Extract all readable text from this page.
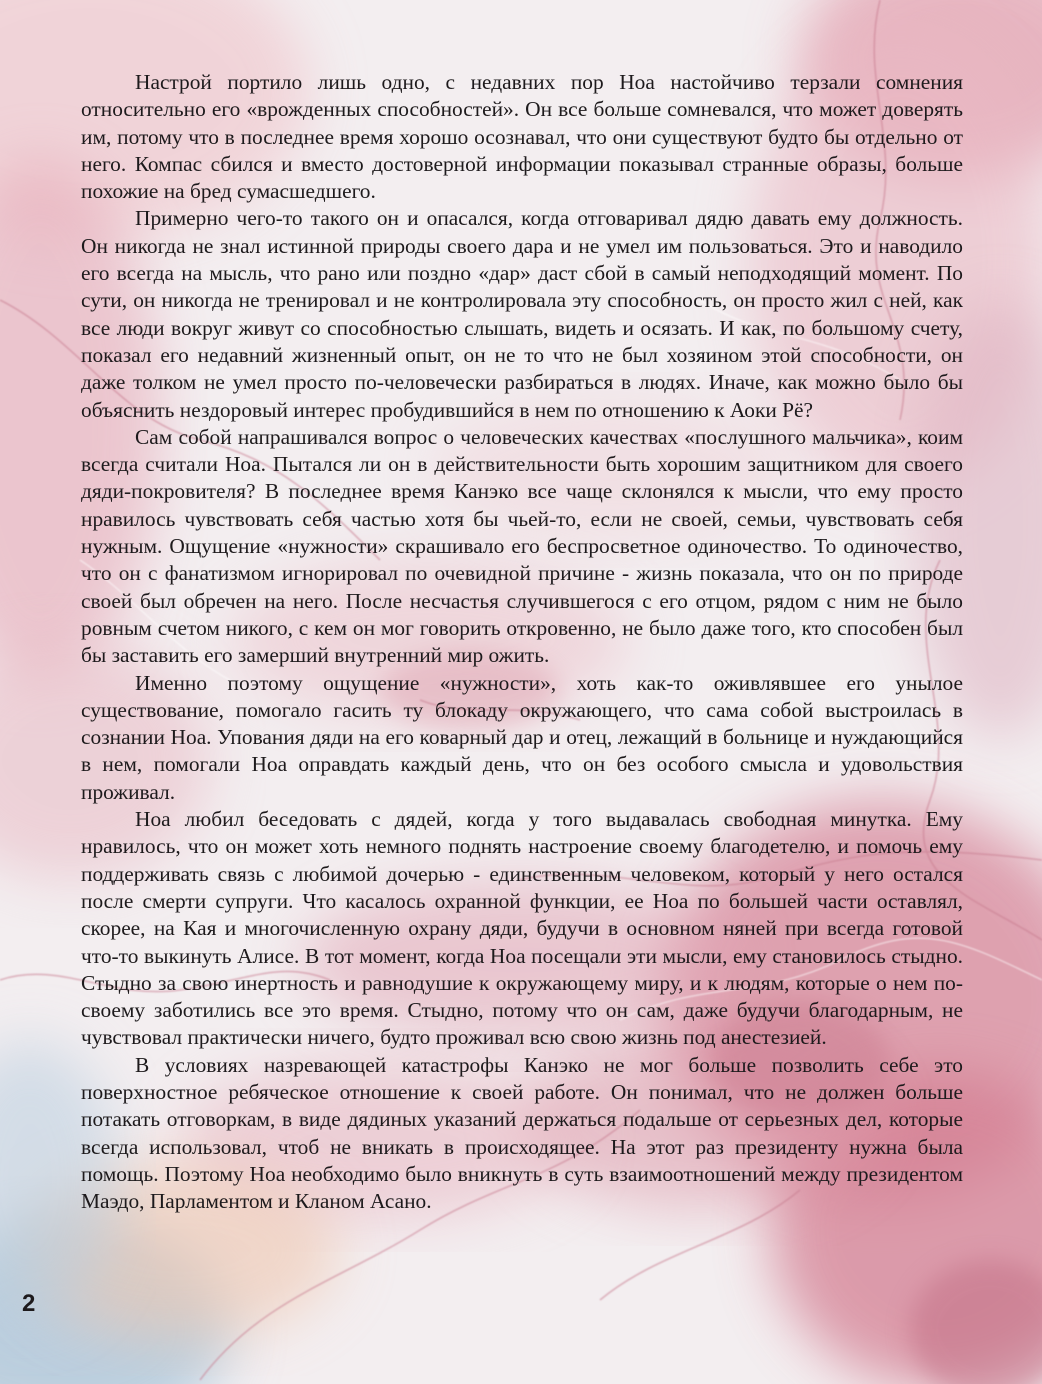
Настрой портило лишь одно, с недавних пор Ноа настойчиво терзали сомнения относительно его «врожденных способностей». Он все больше сомневался, что может доверять им, потому что в последнее время хорошо осознавал, что они существуют будто бы отдельно от него. Компас сбился и вместо достоверной информации показывал странные образы, больше похожие на бред сумасшедшего.

Примерно чего-то такого он и опасался, когда отговаривал дядю давать ему должность. Он никогда не знал истинной природы своего дара и не умел им пользоваться. Это и наводило его всегда на мысль, что рано или поздно «дар» даст сбой в самый неподходящий момент. По сути, он никогда не тренировал и не контролировала эту способность, он просто жил с ней, как все люди вокруг живут со способностью слышать, видеть и осязать. И как, по большому счету, показал его недавний жизненный опыт, он не то что не был хозяином этой способности, он даже толком не умел просто по-человечески разбираться в людях. Иначе, как можно было бы объяснить нездоровый интерес пробудившийся в нем по отношению к Аоки Рё?

Сам собой напрашивался вопрос о человеческих качествах «послушного мальчика», коим всегда считали Ноа. Пытался ли он в действительности быть хорошим защитником для своего дяди-покровителя? В последнее время Канэко все чаще склонялся к мысли, что ему просто нравилось чувствовать себя частью хотя бы чьей-то, если не своей, семьи, чувствовать себя нужным. Ощущение «нужности» скрашивало его беспросветное одиночество. То одиночество, что он с фанатизмом игнорировал по очевидной причине - жизнь показала, что он по природе своей был обречен на него. После несчастья случившегося с его отцом, рядом с ним не было ровным счетом никого, с кем он мог говорить откровенно, не было даже того, кто способен был бы заставить его замерший внутренний мир ожить.

Именно поэтому ощущение «нужности», хоть как-то оживлявшее его унылое существование, помогало гасить ту блокаду окружающего, что сама собой выстроилась в сознании Ноа. Упования дяди на его коварный дар и отец, лежащий в больнице и нуждающийся в нем, помогали Ноа оправдать каждый день, что он без особого смысла и удовольствия проживал.

Ноа любил беседовать с дядей, когда у того выдавалась свободная минутка. Ему нравилось, что он может хоть немного поднять настроение своему благодетелю, и помочь ему поддерживать связь с любимой дочерью - единственным человеком, который у него остался после смерти супруги. Что касалось охранной функции, ее Ноа по большей части оставлял, скорее, на Кая и многочисленную охрану дяди, будучи в основном няней при всегда готовой что-то выкинуть Алисе. В тот момент, когда Ноа посещали эти мысли, ему становилось стыдно. Стыдно за свою инертность и равнодушие к окружающему миру, и к людям, которые о нем по-своему заботились все это время. Стыдно, потому что он сам, даже будучи благодарным, не чувствовал практически ничего, будто проживал всю свою жизнь под анестезией.

В условиях назревающей катастрофы Канэко не мог больше позволить себе это поверхностное ребяческое отношение к своей работе. Он понимал, что не должен больше потакать отговоркам, в виде дядиных указаний держаться подальше от серьезных дел, которые всегда использовал, чтоб не вникать в происходящее. На этот раз президенту нужна была помощь. Поэтому Ноа необходимо было вникнуть в суть взаимоотношений между президентом Маэдо, Парламентом и Кланом Асано.

2
